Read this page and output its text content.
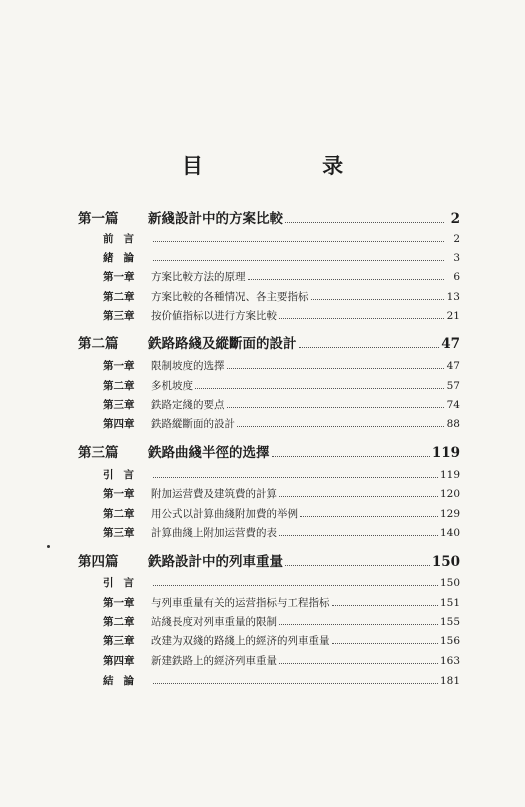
目 录
第一篇 新綫設計中的方案比較	2
前言	2
緒論	3
第一章 方案比較方法的原理	6
第二章 方案比較的各種情况、各主要指标	13
第三章 按价値指标以进行方案比較	21
第二篇 鉄路路綫及縱斷面的設計	47
第一章 限制坡度的选擇	47
第二章 多机坡度	57
第三章 鉄路定綫的要点	74
第四章 鉄路縱斷面的設計	88
第三篇 鉄路曲綫半徑的选擇	119
引言	119
第一章 附加运营費及建筑費的計算	120
第二章 用公式以計算曲綫附加費的举例	129
第三章 計算曲綫上附加运营費的表	140
第四篇 鉄路設計中的列車重量	150
引言	150
第一章 与列車重量有关的运营指标与工程指标	151
第二章 站綫長度对列車重量的限制	155
第三章 改建为双綫的路綫上的經济的列車重量	156
第四章 新建鉄路上的經济列車重量	163
結論	181
